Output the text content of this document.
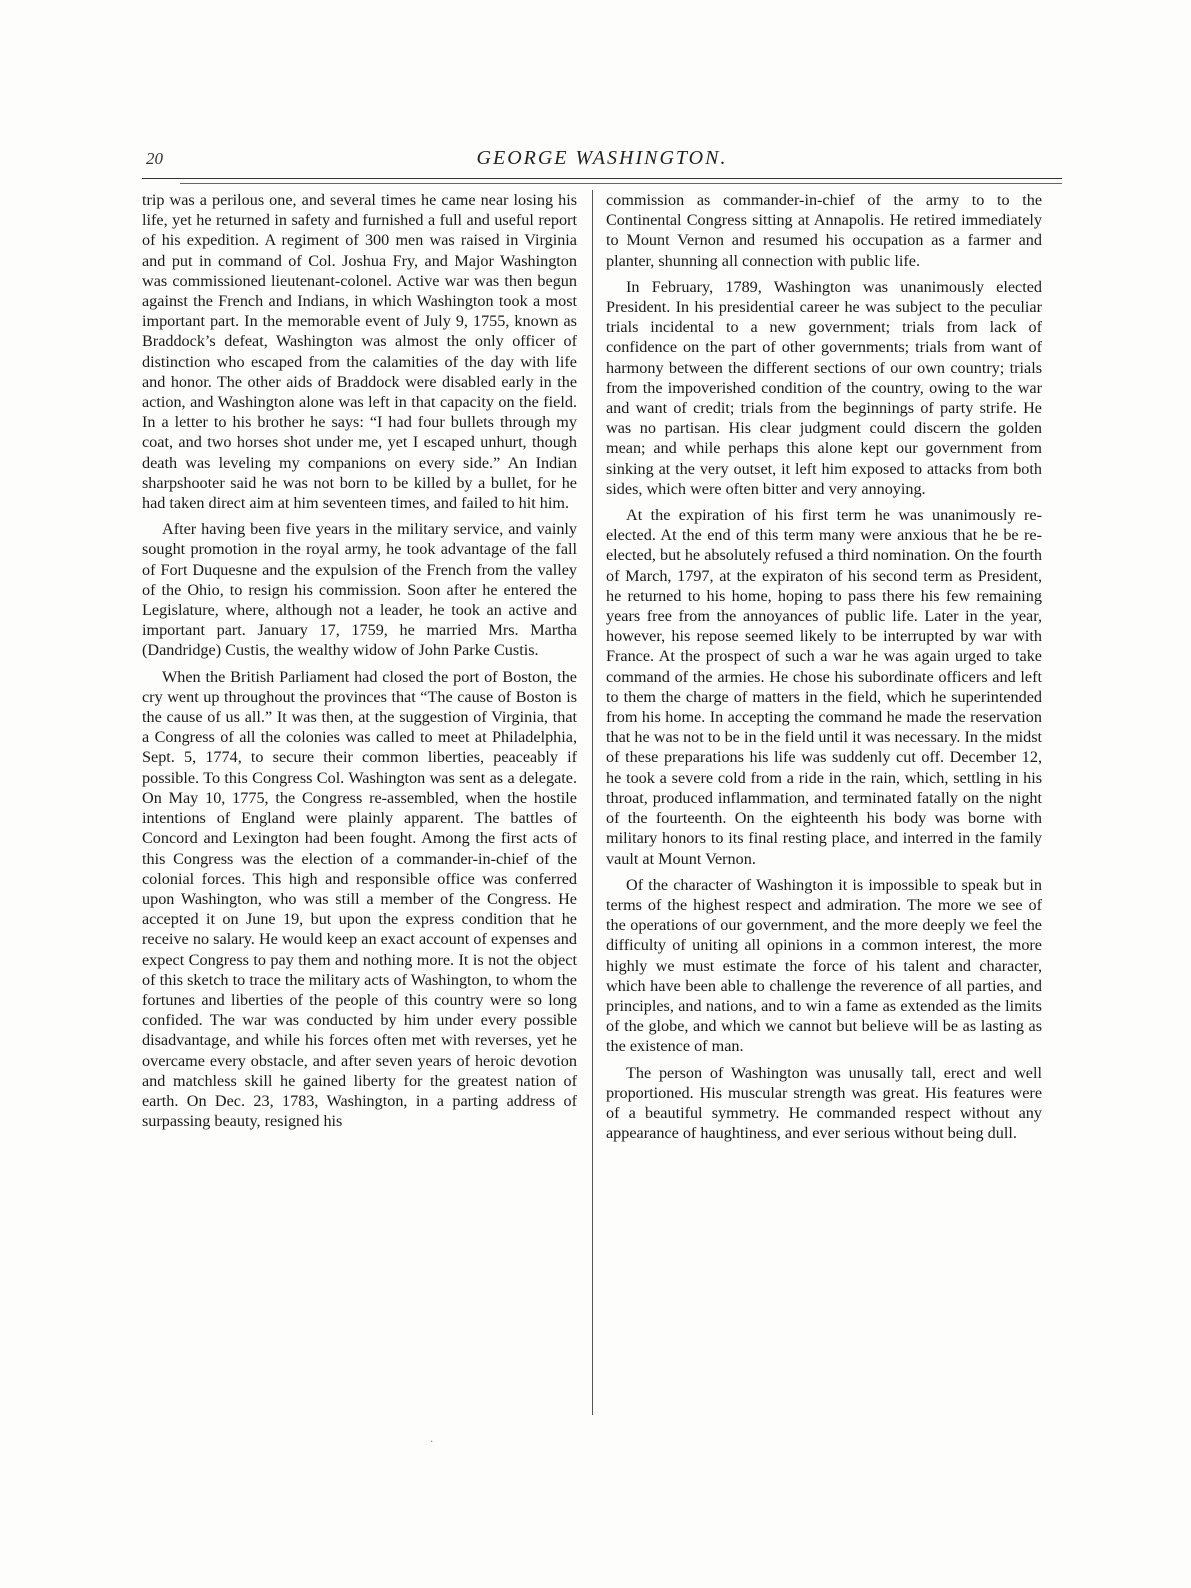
20	GEORGE WASHINGTON.

trip was a perilous one, and several times he came near losing his life, yet he returned in safety and furnished a full and useful report of his expedition. A regiment of 300 men was raised in Virginia and put in command of Col. Joshua Fry, and Major Washington was commissioned lieutenant-colonel. Active war was then begun against the French and Indians, in which Washington took a most important part. In the memorable event of July 9, 1755, known as Braddock’s defeat, Washington was almost the only officer of distinction who escaped from the calamities of the day with life and honor. The other aids of Braddock were disabled early in the action, and Washington alone was left in that capacity on the field. In a letter to his brother he says: “I had four bullets through my coat, and two horses shot under me, yet I escaped unhurt, though death was leveling my companions on every side.” An Indian sharpshooter said he was not born to be killed by a bullet, for he had taken direct aim at him seventeen times, and failed to hit him.

After having been five years in the military service, and vainly sought promotion in the royal army, he took advantage of the fall of Fort Duquesne and the expulsion of the French from the valley of the Ohio, to resign his commission. Soon after he entered the Legislature, where, although not a leader, he took an active and important part. January 17, 1759, he married Mrs. Martha (Dandridge) Custis, the wealthy widow of John Parke Custis.

When the British Parliament had closed the port of Boston, the cry went up throughout the provinces that “The cause of Boston is the cause of us all.” It was then, at the suggestion of Virginia, that a Congress of all the colonies was called to meet at Philadelphia, Sept. 5, 1774, to secure their common liberties, peaceably if possible. To this Congress Col. Washington was sent as a delegate. On May 10, 1775, the Congress re-assembled, when the hostile intentions of England were plainly apparent. The battles of Concord and Lexington had been fought. Among the first acts of this Congress was the election of a commander-in-chief of the colonial forces. This high and responsible office was conferred upon Washington, who was still a member of the Congress. He accepted it on June 19, but upon the express condition that he receive no salary. He would keep an exact account of expenses and expect Congress to pay them and nothing more. It is not the object of this sketch to trace the military acts of Washington, to whom the fortunes and liberties of the people of this country were so long confided. The war was conducted by him under every possible disadvantage, and while his forces often met with reverses, yet he overcame every obstacle, and after seven years of heroic devotion and matchless skill he gained liberty for the greatest nation of earth. On Dec. 23, 1783, Washington, in a parting address of surpassing beauty, resigned his

commission as commander-in-chief of the army to to the Continental Congress sitting at Annapolis. He retired immediately to Mount Vernon and resumed his occupation as a farmer and planter, shunning all connection with public life.

In February, 1789, Washington was unanimously elected President. In his presidential career he was subject to the peculiar trials incidental to a new government; trials from lack of confidence on the part of other governments; trials from want of harmony between the different sections of our own country; trials from the impoverished condition of the country, owing to the war and want of credit; trials from the beginnings of party strife. He was no partisan. His clear judgment could discern the golden mean; and while perhaps this alone kept our government from sinking at the very outset, it left him exposed to attacks from both sides, which were often bitter and very annoying.

At the expiration of his first term he was unanimously re-elected. At the end of this term many were anxious that he be re-elected, but he absolutely refused a third nomination. On the fourth of March, 1797, at the expiraton of his second term as President, he returned to his home, hoping to pass there his few remaining years free from the annoyances of public life. Later in the year, however, his repose seemed likely to be interrupted by war with France. At the prospect of such a war he was again urged to take command of the armies. He chose his subordinate officers and left to them the charge of matters in the field, which he superintended from his home. In accepting the command he made the reservation that he was not to be in the field until it was necessary. In the midst of these preparations his life was suddenly cut off. December 12, he took a severe cold from a ride in the rain, which, settling in his throat, produced inflammation, and terminated fatally on the night of the fourteenth. On the eighteenth his body was borne with military honors to its final resting place, and interred in the family vault at Mount Vernon.

Of the character of Washington it is impossible to speak but in terms of the highest respect and admiration. The more we see of the operations of our government, and the more deeply we feel the difficulty of uniting all opinions in a common interest, the more highly we must estimate the force of his talent and character, which have been able to challenge the reverence of all parties, and principles, and nations, and to win a fame as extended as the limits of the globe, and which we cannot but believe will be as lasting as the existence of man.

The person of Washington was unusally tall, erect and well proportioned. His muscular strength was great. His features were of a beautiful symmetry. He commanded respect without any appearance of haughtiness, and ever serious without being dull.

·
